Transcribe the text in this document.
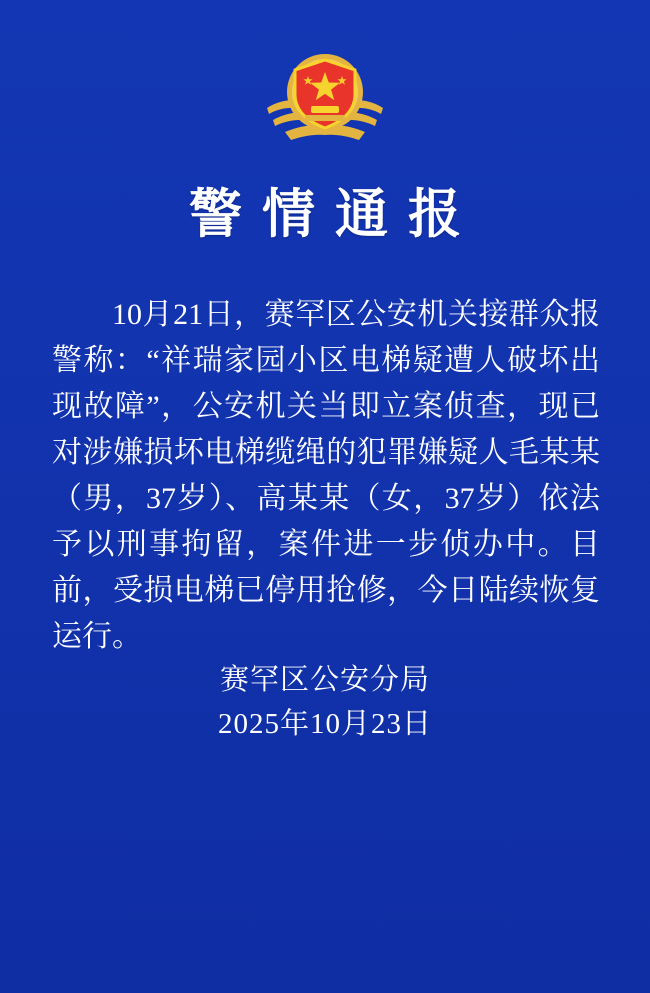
警情通报

10月21日，赛罕区公安机关接群众报警称：“祥瑞家园小区电梯疑遭人破坏出现故障”，公安机关当即立案侦查，现已对涉嫌损坏电梯缆绳的犯罪嫌疑人毛某某（男，37岁）、高某某（女，37岁）依法予以刑事拘留，案件进一步侦办中。目前，受损电梯已停用抢修，今日陆续恢复运行。

赛罕区公安分局
2025年10月23日
